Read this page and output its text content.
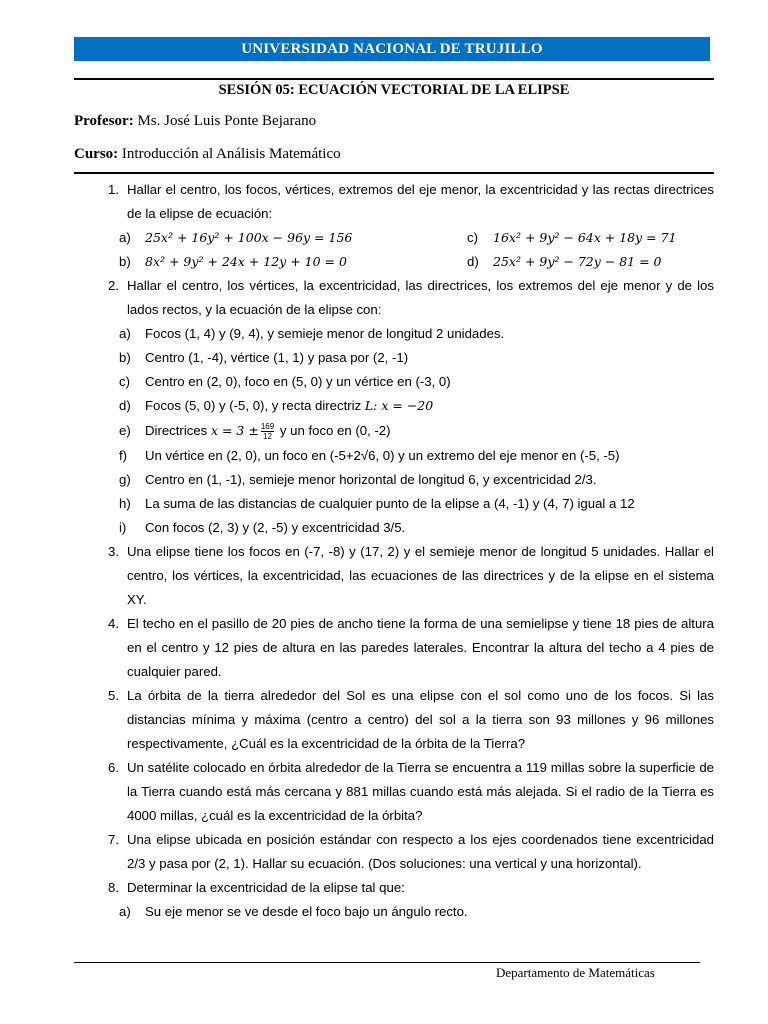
UNIVERSIDAD NACIONAL DE TRUJILLO
SESIÓN 05: ECUACIÓN VECTORIAL DE LA ELIPSE
Profesor: Ms. José Luis Ponte Bejarano
Curso: Introducción al Análisis Matemático
1. Hallar el centro, los focos, vértices, extremos del eje menor, la excentricidad y las rectas directrices de la elipse de ecuación:
a)	25x² + 16y² + 100x − 96y = 156	c)	16x² + 9y² − 64x + 18y = 71
b)	8x² + 9y² + 24x + 12y + 10 = 0	d)	25x² + 9y² − 72y − 81 = 0
2. Hallar el centro, los vértices, la excentricidad, las directrices, los extremos del eje menor y de los lados rectos, y la ecuación de la elipse con:
a)	Focos (1, 4) y (9, 4), y semieje menor de longitud 2 unidades.
b)	Centro (1, -4), vértice (1, 1) y pasa por (2, -1)
c)	Centro en (2, 0), foco en (5, 0) y un vértice en (-3, 0)
d)	Focos (5, 0) y (-5, 0), y recta directriz L: x = −20
e)	Directrices $x = 3 \pm \frac{169}{12}$ y un foco en (0, -2)
f)	Un vértice en (2, 0), un foco en (-5+2√6, 0) y un extremo del eje menor en (-5, -5)
g)	Centro en (1, -1), semieje menor horizontal de longitud 6, y excentricidad 2/3.
h)	La suma de las distancias de cualquier punto de la elipse a (4, -1) y (4, 7) igual a 12
i)	Con focos (2, 3) y (2, -5) y excentricidad 3/5.
3. Una elipse tiene los focos en (-7, -8) y (17, 2) y el semieje menor de longitud 5 unidades. Hallar el centro, los vértices, la excentricidad, las ecuaciones de las directrices y de la elipse en el sistema XY.
4. El techo en el pasillo de 20 pies de ancho tiene la forma de una semielipse y tiene 18 pies de altura en el centro y 12 pies de altura en las paredes laterales. Encontrar la altura del techo a 4 pies de cualquier pared.
5. La órbita de la tierra alrededor del Sol es una elipse con el sol como uno de los focos. Si las distancias mínima y máxima (centro a centro) del sol a la tierra son 93 millones y 96 millones respectivamente, ¿Cuál es la excentricidad de la órbita de la Tierra?
6. Un satélite colocado en órbita alrededor de la Tierra se encuentra a 119 millas sobre la superficie de la Tierra cuando está más cercana y 881 millas cuando está más alejada. Si el radio de la Tierra es 4000 millas, ¿cuál es la excentricidad de la órbita?
7. Una elipse ubicada en posición estándar con respecto a los ejes coordenados tiene excentricidad 2/3 y pasa por (2, 1). Hallar su ecuación. (Dos soluciones: una vertical y una horizontal).
8. Determinar la excentricidad de la elipse tal que:
a)	Su eje menor se ve desde el foco bajo un ángulo recto.
Departamento de Matemáticas
